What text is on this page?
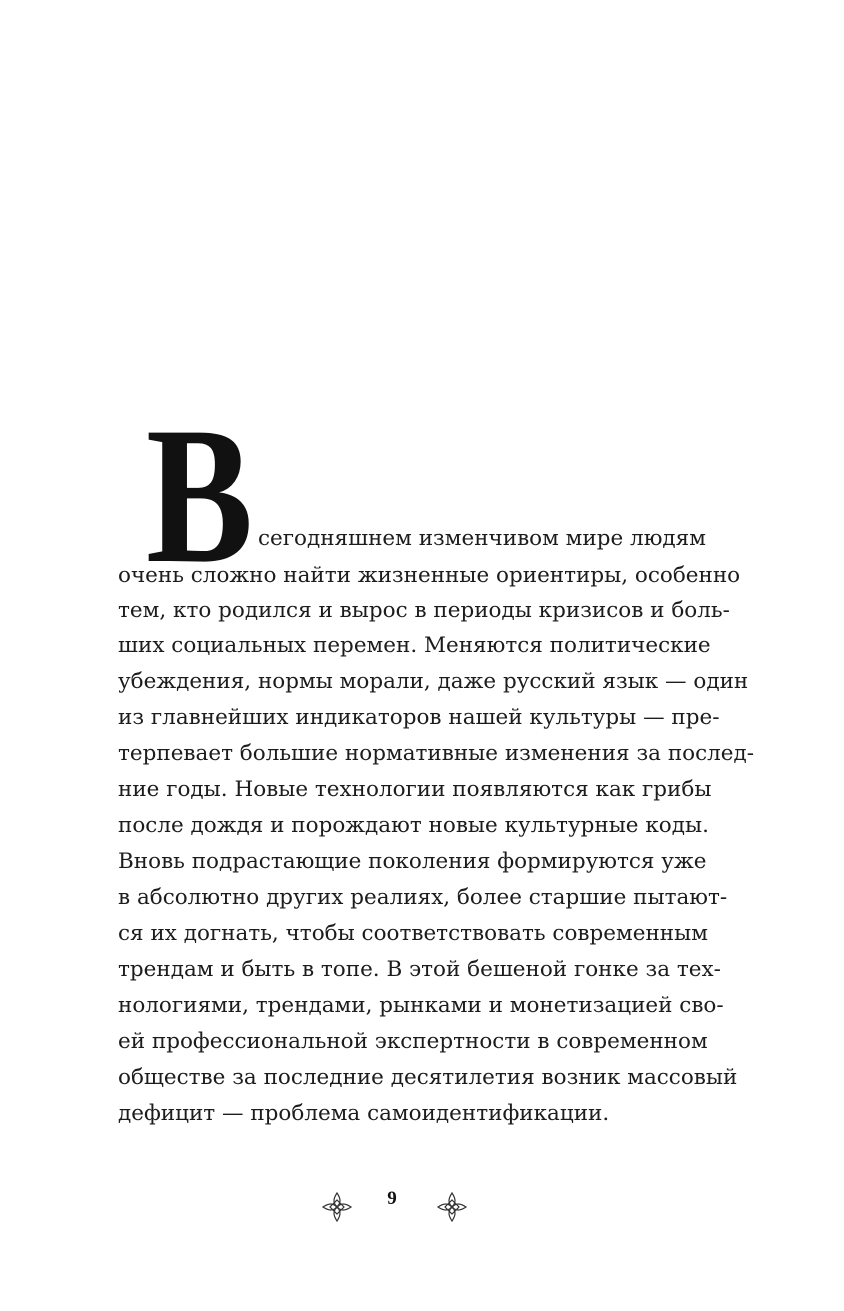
В сегодняшнем изменчивом мире людям
очень сложно найти жизненные ориентиры, особенно
тем, кто родился и вырос в периоды кризисов и боль-
ших социальных перемен. Меняются политические
убеждения, нормы морали, даже русский язык — один
из главнейших индикаторов нашей культуры — пре-
терпевает большие нормативные изменения за послед-
ние годы. Новые технологии появляются как грибы
после дождя и порождают новые культурные коды.
Вновь подрастающие поколения формируются уже
в абсолютно других реалиях, более старшие пытают-
ся их догнать, чтобы соответствовать современным
трендам и быть в топе. В этой бешеной гонке за тех-
нологиями, трендами, рынками и монетизацией сво-
ей профессиональной экспертности в современном
обществе за последние десятилетия возник массовый
дефицит — проблема самоидентификации.
9
